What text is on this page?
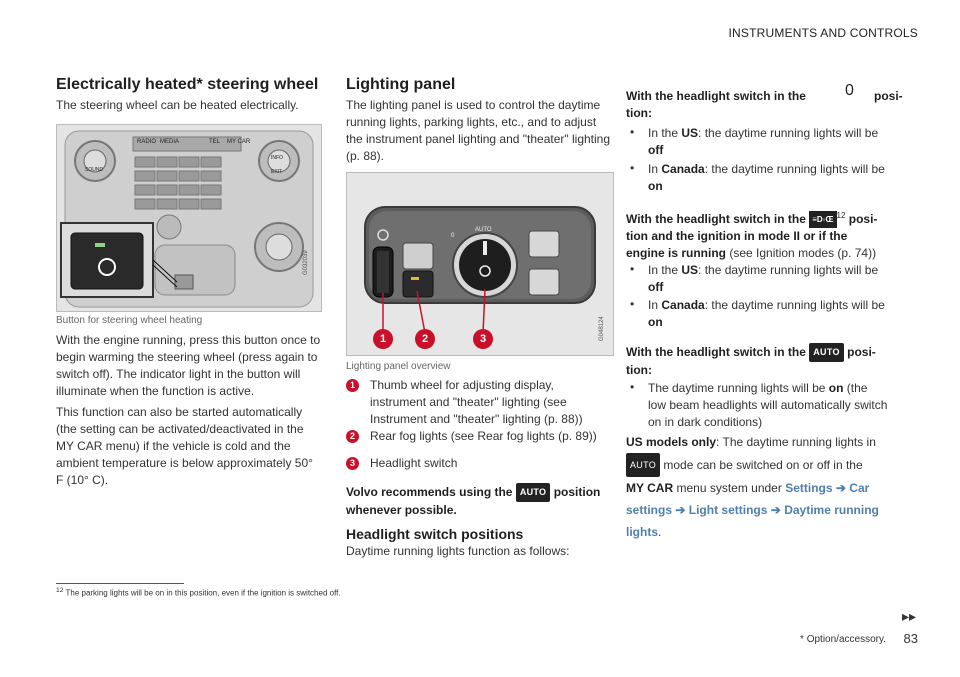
INSTRUMENTS AND CONTROLS
Electrically heated* steering wheel
The steering wheel can be heated electrically.
RADIO MEDIA	TEL MY CAR
SOUND
INFO
EXIT
G032039
Button for steering wheel heating
With the engine running, press this button once to begin warming the steering wheel (press again to switch off). The indicator light in the button will illuminate when the function is active.
This function can also be started automatically (the setting can be activated/deactivated in the MY CAR menu) if the vehicle is cold and the ambient temperature is below approximately 50° F (10° C).
Lighting panel
The lighting panel is used to control the daytime running lights, parking lights, etc., and to adjust the instrument panel lighting and "theater" lighting (p. 88).
AUTO
0
1	2	3	G048124
Lighting panel overview
1	Thumb wheel for adjusting display, instrument and "theater" lighting (see Instrument and "theater" lighting (p. 88))
2	Rear fog lights (see Rear fog lights (p. 89))
3	Headlight switch
Volvo recommends using the AUTO position whenever possible.
Headlight switch positions
Daytime running lights function as follows:
With the headlight switch in the 0 posi-
tion:
• In the US: the daytime running lights will be
off
• In Canada: the daytime running lights will be
on
With the headlight switch in the ≡D◦Œ $^{12}$ posi-
tion and the ignition in mode II or if the
engine is running (see Ignition modes (p. 74))
• In the US: the daytime running lights will be
off
• In Canada: the daytime running lights will be
on
With the headlight switch in the AUTO posi-
tion:
• The daytime running lights will be on (the
low beam headlights will automatically switch
on in dark conditions)
US models only: The daytime running lights in
AUTO mode can be switched on or off in the
MY CAR menu system under Settings ➔ Car
settings ➔ Light settings ➔ Daytime running
lights.
$^{12}$ The parking lights will be on in this position, even if the ignition is switched off.
▸▸
* Option/accessory. 83
